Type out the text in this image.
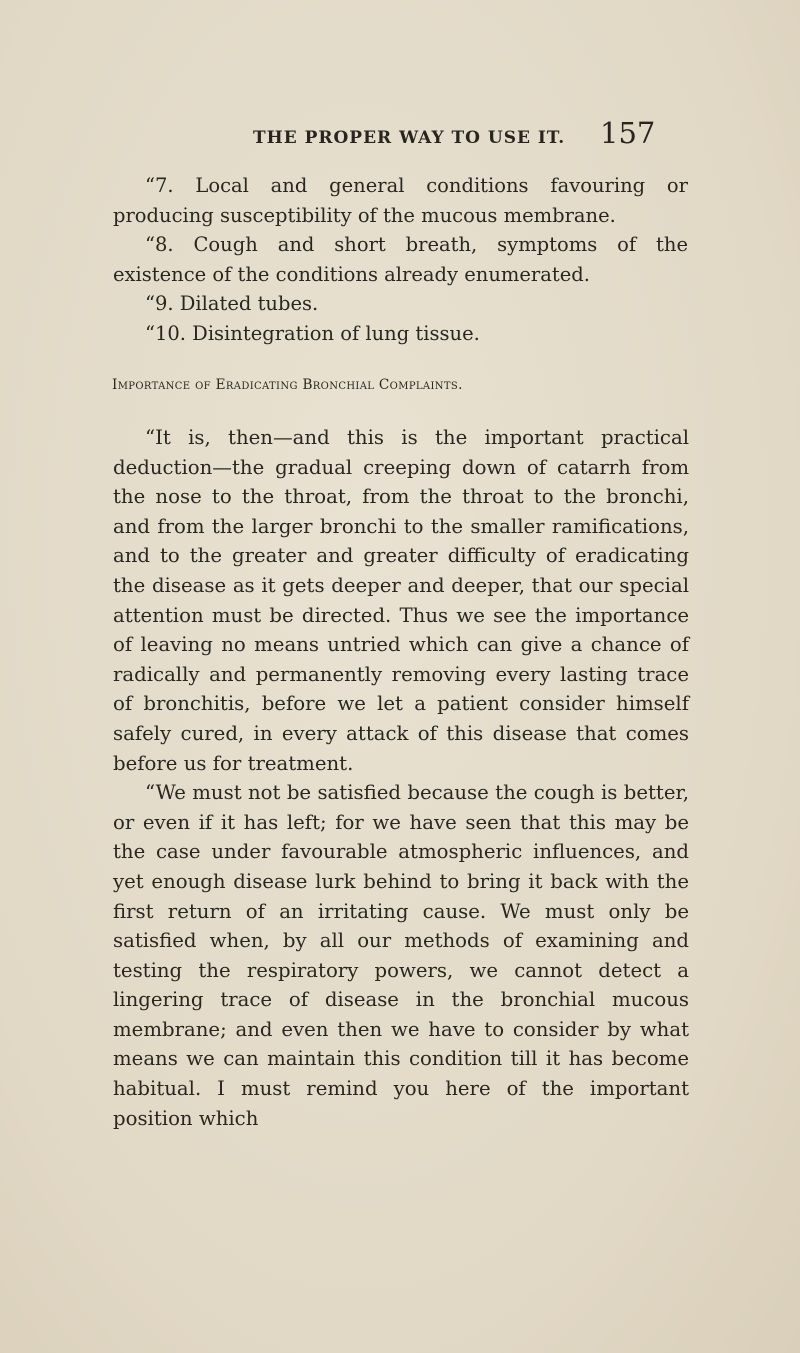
THE PROPER WAY TO USE IT. 157
“7. Local and general conditions favouring or producing susceptibility of the mucous membrane.
“8. Cough and short breath, symptoms of the existence of the conditions already enumerated.
“9. Dilated tubes.
“10. Disintegration of lung tissue.
Importance of Eradicating Bronchial Complaints.

“It is, then—and this is the important practical deduction—the gradual creeping down of catarrh from the nose to the throat, from the throat to the bronchi, and from the larger bronchi to the smaller ramifications, and to the greater and greater difficulty of eradicating the disease as it gets deeper and deeper, that our special attention must be directed. Thus we see the importance of leaving no means untried which can give a chance of radically and permanently removing every lasting trace of bronchitis, before we let a patient consider himself safely cured, in every attack of this disease that comes before us for treatment.

“We must not be satisfied because the cough is better, or even if it has left; for we have seen that this may be the case under favourable atmospheric influences, and yet enough disease lurk behind to bring it back with the first return of an irritating cause. We must only be satisfied when, by all our methods of examining and testing the respiratory powers, we cannot detect a lingering trace of disease in the bronchial mucous membrane; and even then we have to consider by what means we can maintain this condition till it has become habitual. I must remind you here of the important position which
